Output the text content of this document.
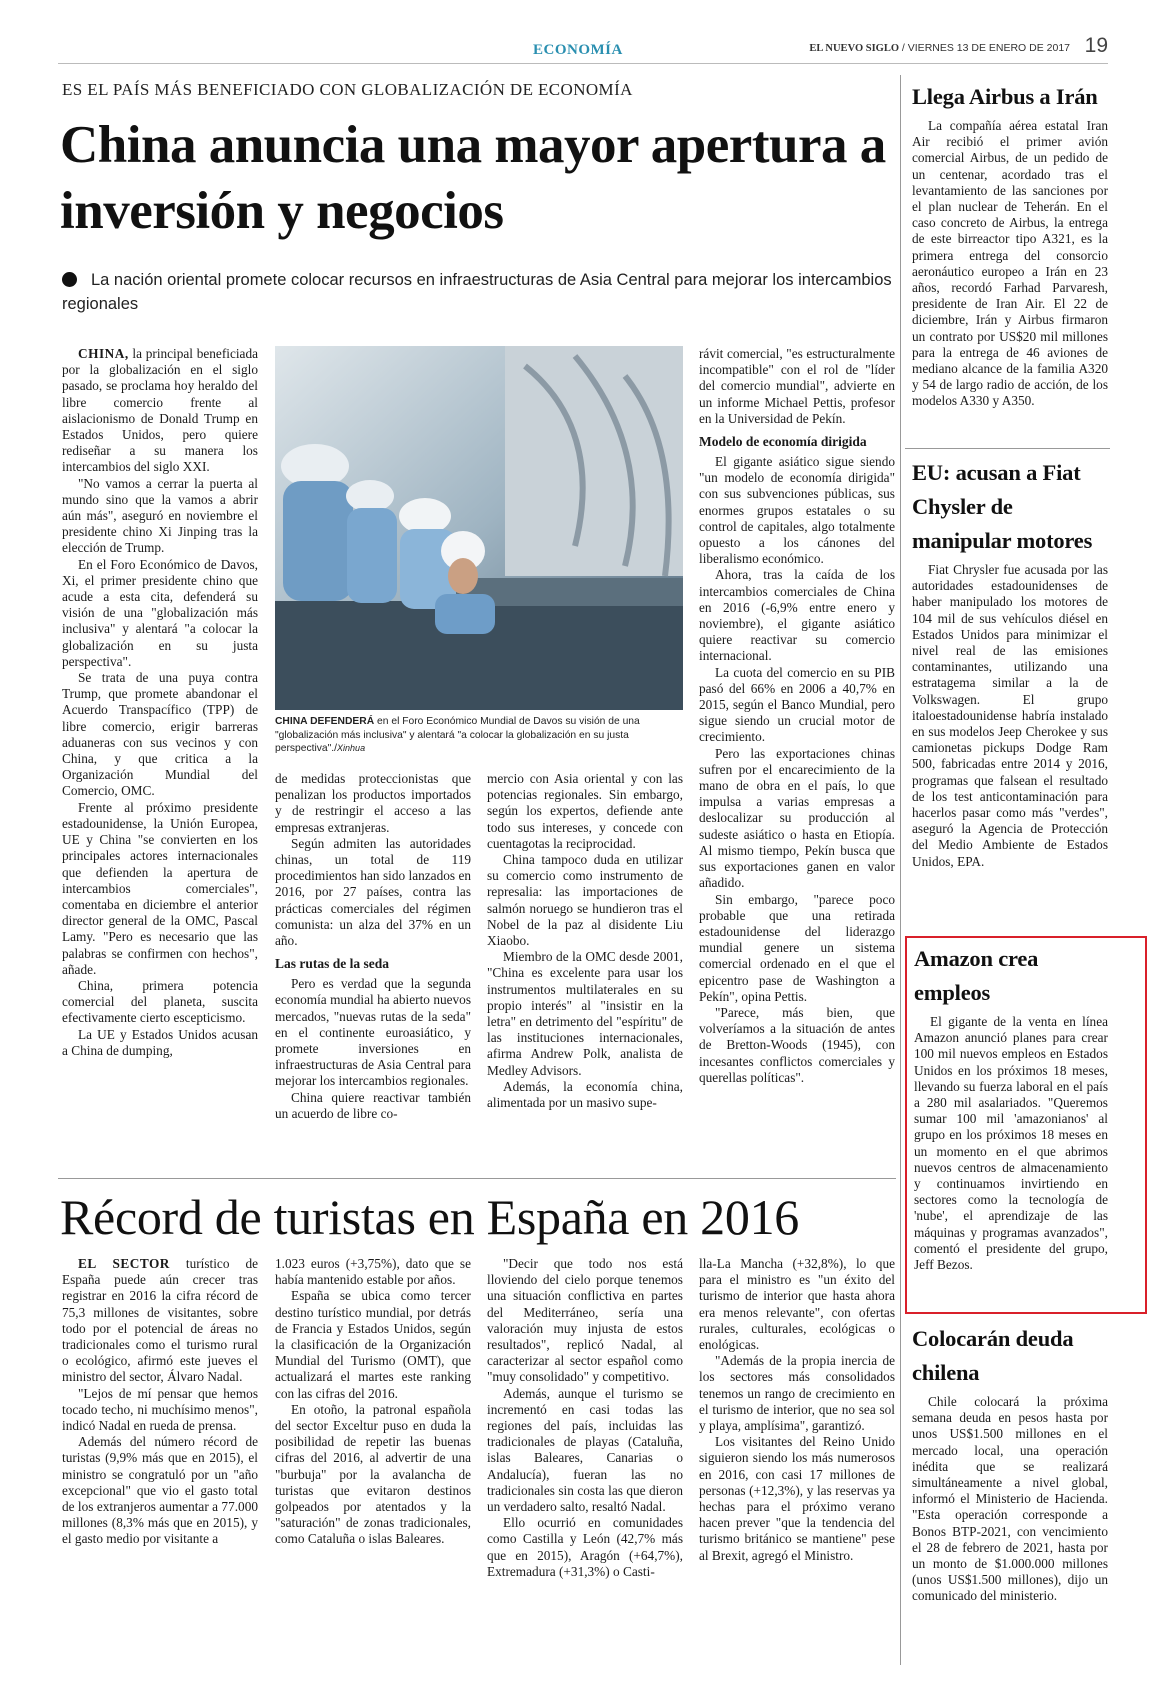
ECONOMÍA	EL NUEVO SIGLO / VIERNES 13 DE ENERO DE 2017 19
ES EL PAÍS MÁS BENEFICIADO CON GLOBALIZACIÓN DE ECONOMÍA
China anuncia una mayor apertura a inversión y negocios
La nación oriental promete colocar recursos en infraestructuras de Asia Central para mejorar los intercambios regionales

CHINA, la principal beneficiada por la globalización en el siglo pasado, se proclama hoy heraldo del libre comercio frente al aislacionismo de Donald Trump en Estados Unidos, pero quiere rediseñar a su manera los intercambios del siglo XXI.

"No vamos a cerrar la puerta al mundo sino que la vamos a abrir aún más", aseguró en noviembre el presidente chino Xi Jinping tras la elección de Trump.

En el Foro Económico de Davos, Xi, el primer presidente chino que acude a esta cita, defenderá su visión de una "globalización más inclusiva" y alentará "a colocar la globalización en su justa perspectiva".

Se trata de una puya contra Trump, que promete abandonar el Acuerdo Transpacífico (TPP) de libre comercio, erigir barreras aduaneras con sus vecinos y con China, y que critica a la Organización Mundial del Comercio, OMC.

Frente al próximo presidente estadounidense, la Unión Europea, UE y China "se convierten en los principales actores internacionales que defienden la apertura de intercambios comerciales", comentaba en diciembre el anterior director general de la OMC, Pascal Lamy. "Pero es necesario que las palabras se confirmen con hechos", añade.

China, primera potencia comercial del planeta, suscita efectivamente cierto escepticismo.

La UE y Estados Unidos acusan a China de dumping,

CHINA DEFENDERÁ en el Foro Económico Mundial de Davos su visión de una "globalización más inclusiva" y alentará "a colocar la globalización en su justa perspectiva"./Xinhua

de medidas proteccionistas que penalizan los productos importados y de restringir el acceso a las empresas extranjeras.

Según admiten las autoridades chinas, un total de 119 procedimientos han sido lanzados en 2016, por 27 países, contra las prácticas comerciales del régimen comunista: un alza del 37% en un año.

Las rutas de la seda

Pero es verdad que la segunda economía mundial ha abierto nuevos mercados, "nuevas rutas de la seda" en el continente euroasiático, y promete inversiones en infraestructuras de Asia Central para mejorar los intercambios regionales.

China quiere reactivar también un acuerdo de libre co-

mercio con Asia oriental y con las potencias regionales. Sin embargo, según los expertos, defiende ante todo sus intereses, y concede con cuentagotas la reciprocidad.

China tampoco duda en utilizar su comercio como instrumento de represalia: las importaciones de salmón noruego se hundieron tras el Nobel de la paz al disidente Liu Xiaobo.

Miembro de la OMC desde 2001, "China es excelente para usar los instrumentos multilaterales en su propio interés" al "insistir en la letra" en detrimento del "espíritu" de las instituciones internacionales, afirma Andrew Polk, analista de Medley Advisors.

Además, la economía china, alimentada por un masivo supe-

rávit comercial, "es estructuralmente incompatible" con el rol de "líder del comercio mundial", advierte en un informe Michael Pettis, profesor en la Universidad de Pekín.

Modelo de economía dirigida

El gigante asiático sigue siendo "un modelo de economía dirigida" con sus subvenciones públicas, sus enormes grupos estatales o su control de capitales, algo totalmente opuesto a los cánones del liberalismo económico.

Ahora, tras la caída de los intercambios comerciales de China en 2016 (-6,9% entre enero y noviembre), el gigante asiático quiere reactivar su comercio internacional.

La cuota del comercio en su PIB pasó del 66% en 2006 a 40,7% en 2015, según el Banco Mundial, pero sigue siendo un crucial motor de crecimiento.

Pero las exportaciones chinas sufren por el encarecimiento de la mano de obra en el país, lo que impulsa a varias empresas a deslocalizar su producción al sudeste asiático o hasta en Etiopía. Al mismo tiempo, Pekín busca que sus exportaciones ganen en valor añadido.

Sin embargo, "parece poco probable que una retirada estadounidense del liderazgo mundial genere un sistema comercial ordenado en el que el epicentro pase de Washington a Pekín", opina Pettis.

"Parece, más bien, que volveríamos a la situación de antes de Bretton-Woods (1945), con incesantes conflictos comerciales y querellas políticas".

Récord de turistas en España en 2016

EL SECTOR turístico de España puede aún crecer tras registrar en 2016 la cifra récord de 75,3 millones de visitantes, sobre todo por el potencial de áreas no tradicionales como el turismo rural o ecológico, afirmó este jueves el ministro del sector, Álvaro Nadal.

"Lejos de mí pensar que hemos tocado techo, ni muchísimo menos", indicó Nadal en rueda de prensa.

Además del número récord de turistas (9,9% más que en 2015), el ministro se congratuló por un "año excepcional" que vio el gasto total de los extranjeros aumentar a 77.000 millones (8,3% más que en 2015), y el gasto medio por visitante a

1.023 euros (+3,75%), dato que se había mantenido estable por años.

España se ubica como tercer destino turístico mundial, por detrás de Francia y Estados Unidos, según la clasificación de la Organización Mundial del Turismo (OMT), que actualizará el martes este ranking con las cifras del 2016.

En otoño, la patronal española del sector Exceltur puso en duda la posibilidad de repetir las buenas cifras del 2016, al advertir de una "burbuja" por la avalancha de turistas que evitaron destinos golpeados por atentados y la "saturación" de zonas tradicionales, como Cataluña o islas Baleares.

"Decir que todo nos está lloviendo del cielo porque tenemos una situación conflictiva en partes del Mediterráneo, sería una valoración muy injusta de estos resultados", replicó Nadal, al caracterizar al sector español como "muy consolidado" y competitivo.

Además, aunque el turismo se incrementó en casi todas las regiones del país, incluidas las tradicionales de playas (Cataluña, islas Baleares, Canarias o Andalucía), fueran las no tradicionales sin costa las que dieron un verdadero salto, resaltó Nadal.

Ello ocurrió en comunidades como Castilla y León (42,7% más que en 2015), Aragón (+64,7%), Extremadura (+31,3%) o Casti-

lla-La Mancha (+32,8%), lo que para el ministro es "un éxito del turismo de interior que hasta ahora era menos relevante", con ofertas rurales, culturales, ecológicas o enológicas.

"Además de la propia inercia de los sectores más consolidados tenemos un rango de crecimiento en el turismo de interior, que no sea sol y playa, amplísima", garantizó.

Los visitantes del Reino Unido siguieron siendo los más numerosos en 2016, con casi 17 millones de personas (+12,3%), y las reservas ya hechas para el próximo verano hacen prever "que la tendencia del turismo británico se mantiene" pese al Brexit, agregó el Ministro.

Llega Airbus a Irán
La compañía aérea estatal Iran Air recibió el primer avión comercial Airbus, de un pedido de un centenar, acordado tras el levantamiento de las sanciones por el plan nuclear de Teherán. En el caso concreto de Airbus, la entrega de este birreactor tipo A321, es la primera entrega del consorcio aeronáutico europeo a Irán en 23 años, recordó Farhad Parvaresh, presidente de Iran Air. El 22 de diciembre, Irán y Airbus firmaron un contrato por US$20 mil millones para la entrega de 46 aviones de mediano alcance de la familia A320 y 54 de largo radio de acción, de los modelos A330 y A350.
EU: acusan a Fiat Chysler de manipular motores
Fiat Chrysler fue acusada por las autoridades estadounidenses de haber manipulado los motores de 104 mil de sus vehículos diésel en Estados Unidos para minimizar el nivel real de las emisiones contaminantes, utilizando una estratagema similar a la de Volkswagen. El grupo italoestadounidense habría instalado en sus modelos Jeep Cherokee y sus camionetas pickups Dodge Ram 500, fabricadas entre 2014 y 2016, programas que falsean el resultado de los test anticontaminación para hacerlos pasar como más "verdes", aseguró la Agencia de Protección del Medio Ambiente de Estados Unidos, EPA.
Amazon crea empleos
El gigante de la venta en línea Amazon anunció planes para crear 100 mil nuevos empleos en Estados Unidos en los próximos 18 meses, llevando su fuerza laboral en el país a 280 mil asalariados. "Queremos sumar 100 mil 'amazonianos' al grupo en los próximos 18 meses en un momento en el que abrimos nuevos centros de almacenamiento y continuamos invirtiendo en sectores como la tecnología de 'nube', el aprendizaje de las máquinas y programas avanzados", comentó el presidente del grupo, Jeff Bezos.
Colocarán deuda chilena
Chile colocará la próxima semana deuda en pesos hasta por unos US$1.500 millones en el mercado local, una operación inédita que se realizará simultáneamente a nivel global, informó el Ministerio de Hacienda. "Esta operación corresponde a Bonos BTP-2021, con vencimiento el 28 de febrero de 2021, hasta por un monto de $1.000.000 millones (unos US$1.500 millones), dijo un comunicado del ministerio.
